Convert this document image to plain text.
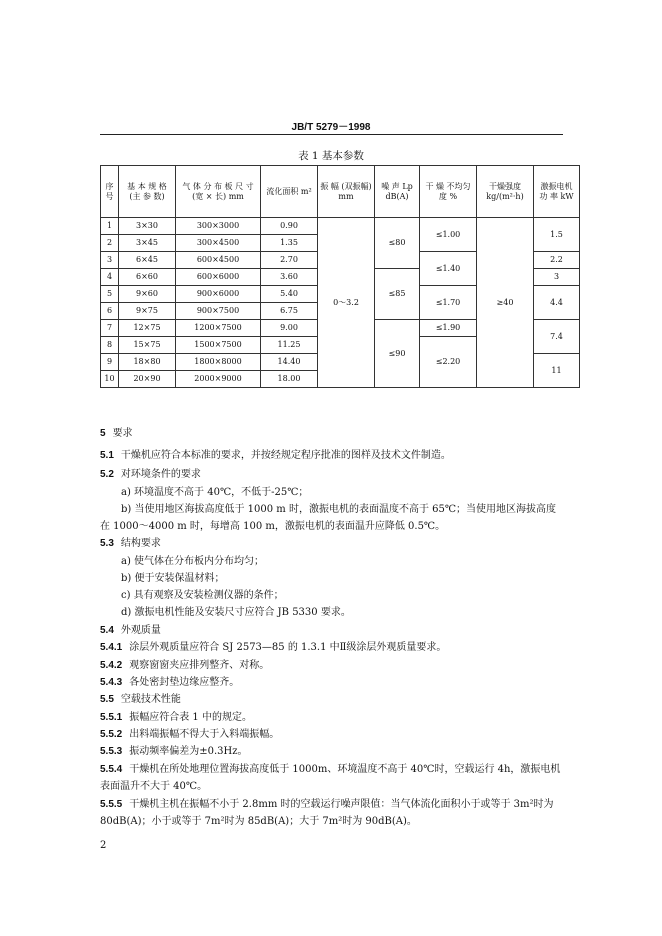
JB/T 5279－1998
表 1 基本参数
序号	基 本 规 格 (主 参 数)	气 体 分 布 板 尺 寸 (宽 × 长) mm	流化面积 m²	振 幅 (双振幅) mm	噪 声 Lp dB(A)	干 燥 不均匀度 %	干燥强度 kg/(m²·h)	激振电机 功 率 kW
1	3×30	300×3000	0.90	0～3.2	≤80	≤1.00	≥40	1.5
2	3×45	300×4500	1.35					
3	6×45	600×4500	2.70			≤1.40		2.2
4	6×60	600×6000	3.60		≤85			3
5	9×60	900×6000	5.40			≤1.70		4.4
6	9×75	900×7500	6.75					
7	12×75	1200×7500	9.00		≤90	≤1.90		7.4
8	15×75	1500×7500	11.25			≤2.20		
9	18×80	1800×8000	14.40					11
10	20×90	2000×9000	18.00					
5 要求
5.1 干燥机应符合本标准的要求，并按经规定程序批准的图样及技术文件制造。
5.2 对环境条件的要求
a) 环境温度不高于 40℃，不低于-25℃；
b) 当使用地区海拔高度低于 1000 m 时，激振电机的表面温度不高于 65℃；当使用地区海拔高度
在 1000～4000 m 时，每增高 100 m，激振电机的表面温升应降低 0.5℃。
5.3 结构要求
a) 使气体在分布板内分布均匀；
b) 便于安装保温材料；
c) 具有观察及安装检测仪器的条件；
d) 激振电机性能及安装尺寸应符合 JB 5330 要求。
5.4 外观质量
5.4.1 涂层外观质量应符合 SJ 2573—85 的 1.3.1 中Ⅱ级涂层外观质量要求。
5.4.2 观察窗窗夹应排列整齐、对称。
5.4.3 各处密封垫边缘应整齐。
5.5 空载技术性能
5.5.1 振幅应符合表 1 中的规定。
5.5.2 出料端振幅不得大于入料端振幅。
5.5.3 振动频率偏差为±0.3Hz。
5.5.4 干燥机在所处地理位置海拔高度低于 1000m、环境温度不高于 40℃时，空载运行 4h，激振电机
表面温升不大于 40℃。
5.5.5 干燥机主机在振幅不小于 2.8mm 时的空载运行噪声限值：当气体流化面积小于或等于 3m²时为
80dB(A)；小于或等于 7m²时为 85dB(A)；大于 7m²时为 90dB(A)。
2
